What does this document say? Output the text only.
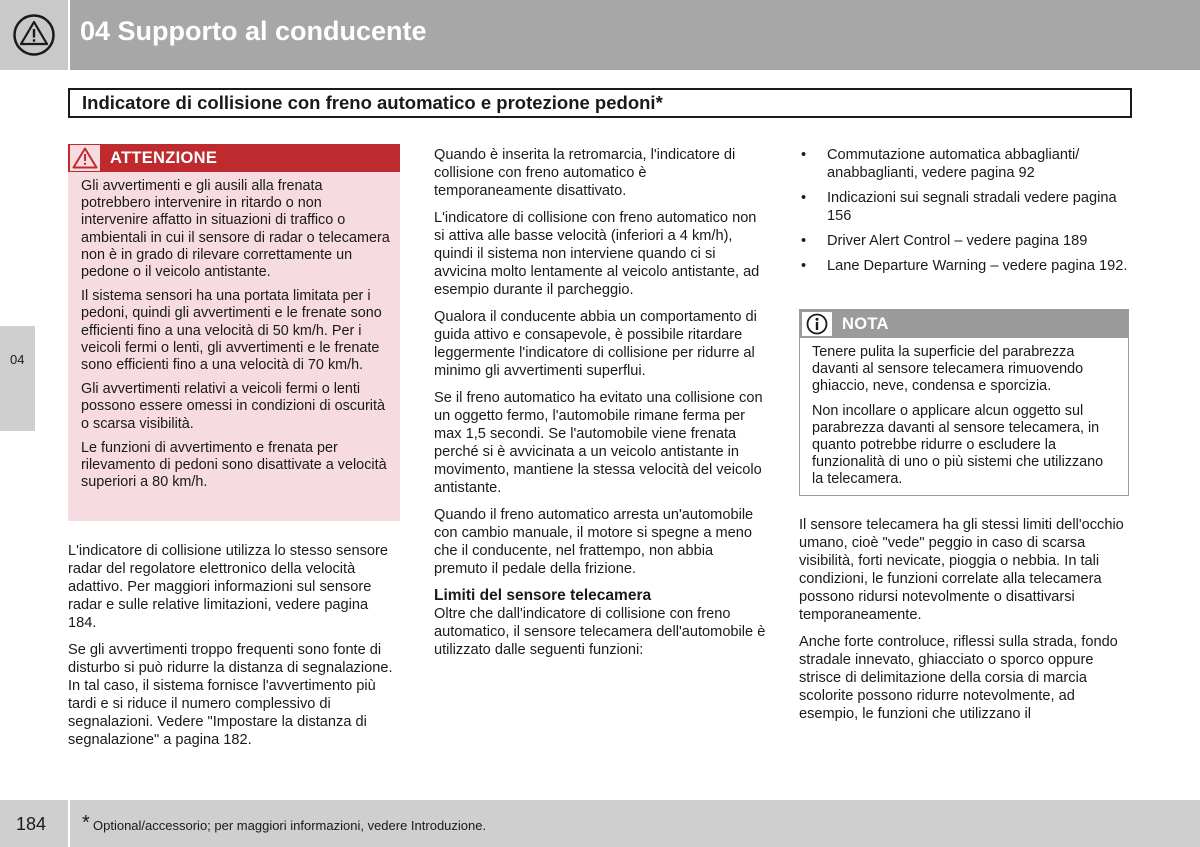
04 Supporto al conducente
Indicatore di collisione con freno automatico e protezione pedoni*
04
ATTENZIONE

Gli avvertimenti e gli ausili alla frenata potrebbero intervenire in ritardo o non intervenire affatto in situazioni di traffico o ambientali in cui il sensore di radar o telecamera non è in grado di rilevare correttamente un pedone o il veicolo antistante.

Il sistema sensori ha una portata limitata per i pedoni, quindi gli avvertimenti e le frenate sono efficienti fino a una velocità di 50 km/h. Per i veicoli fermi o lenti, gli avvertimenti e le frenate sono efficienti fino a una velocità di 70 km/h.

Gli avvertimenti relativi a veicoli fermi o lenti possono essere omessi in condizioni di oscurità o scarsa visibilità.

Le funzioni di avvertimento e frenata per rilevamento di pedoni sono disattivate a velocità superiori a 80 km/h.

L'indicatore di collisione utilizza lo stesso sensore radar del regolatore elettronico della velocità adattivo. Per maggiori informazioni sul sensore radar e sulle relative limitazioni, vedere pagina 184.

Se gli avvertimenti troppo frequenti sono fonte di disturbo si può ridurre la distanza di segnalazione. In tal caso, il sistema fornisce l'avvertimento più tardi e si riduce il numero complessivo di segnalazioni. Vedere "Impostare la distanza di segnalazione" a pagina 182.

Quando è inserita la retromarcia, l'indicatore di collisione con freno automatico è temporaneamente disattivato.

L'indicatore di collisione con freno automatico non si attiva alle basse velocità (inferiori a 4 km/h), quindi il sistema non interviene quando ci si avvicina molto lentamente al veicolo antistante, ad esempio durante il parcheggio.

Qualora il conducente abbia un comportamento di guida attivo e consapevole, è possibile ritardare leggermente l'indicatore di collisione per ridurre al minimo gli avvertimenti superflui.

Se il freno automatico ha evitato una collisione con un oggetto fermo, l'automobile rimane ferma per max 1,5 secondi. Se l'automobile viene frenata perché si è avvicinata a un veicolo antistante in movimento, mantiene la stessa velocità del veicolo antistante.

Quando il freno automatico arresta un'automobile con cambio manuale, il motore si spegne a meno che il conducente, nel frattempo, non abbia premuto il pedale della frizione.

Limiti del sensore telecamera

Oltre che dall'indicatore di collisione con freno automatico, il sensore telecamera dell'automobile è utilizzato dalle seguenti funzioni:

• Commutazione automatica abbaglianti/ anabbaglianti, vedere pagina 92
• Indicazioni sui segnali stradali vedere pagina 156
• Driver Alert Control – vedere pagina 189
• Lane Departure Warning – vedere pagina 192.
NOTA

Tenere pulita la superficie del parabrezza davanti al sensore telecamera rimuovendo ghiaccio, neve, condensa e sporcizia.

Non incollare o applicare alcun oggetto sul parabrezza davanti al sensore telecamera, in quanto potrebbe ridurre o escludere la funzionalità di uno o più sistemi che utilizzano la telecamera.

Il sensore telecamera ha gli stessi limiti dell'occhio umano, cioè "vede" peggio in caso di scarsa visibilità, forti nevicate, pioggia o nebbia. In tali condizioni, le funzioni correlate alla telecamera possono ridursi notevolmente o disattivarsi temporaneamente.

Anche forte controluce, riflessi sulla strada, fondo stradale innevato, ghiacciato o sporco oppure strisce di delimitazione della corsia di marcia scolorite possono ridurre notevolmente, ad esempio, le funzioni che utilizzano il

184 * Optional/accessorio; per maggiori informazioni, vedere Introduzione.
